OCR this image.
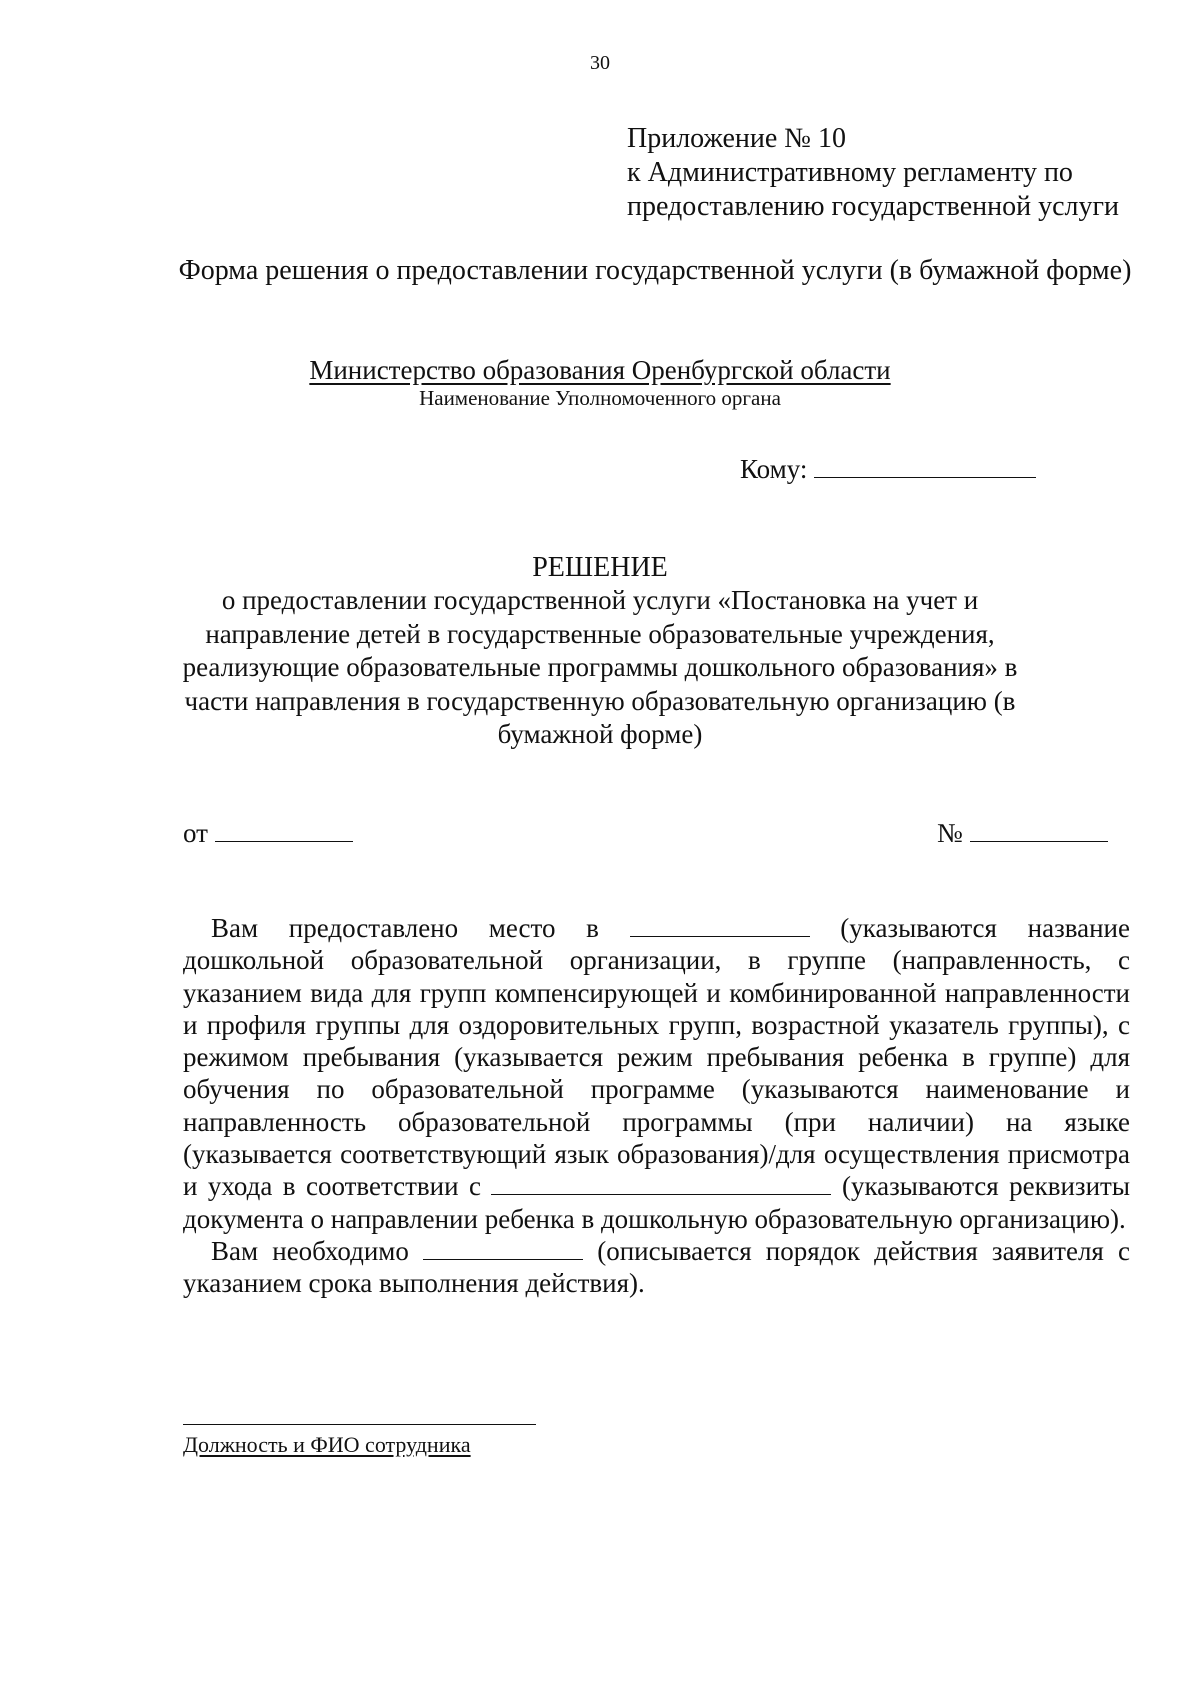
30
Приложение № 10
к Административному регламенту по
предоставлению государственной услуги
Форма решения о предоставлении государственной услуги (в бумажной форме)
Министерство образования Оренбургской области
Наименование Уполномоченного органа
Кому:
РЕШЕНИЕ
о предоставлении государственной услуги «Постановка на учет и направление детей в государственные образовательные учреждения, реализующие образовательные программы дошкольного образования» в части направления в государственную образовательную организацию (в бумажной форме)
от	№

Вам предоставлено место в	(указываются название дошкольной образовательной организации, в группе (направленность, с указанием вида для групп компенсирующей и комбинированной направленности и профиля группы для оздоровительных групп, возрастной указатель группы), с режимом пребывания (указывается режим пребывания ребенка в группе) для обучения по образовательной программе (указываются наименование и направленность образовательной программы (при наличии) на языке (указывается соответствующий язык образования)/для осуществления присмотра и ухода в соответствии с	(указываются реквизиты документа о направлении ребенка в дошкольную образовательную организацию).

Вам необходимо	(описывается порядок действия заявителя с указанием срока выполнения действия).

Должность и ФИО сотрудника
